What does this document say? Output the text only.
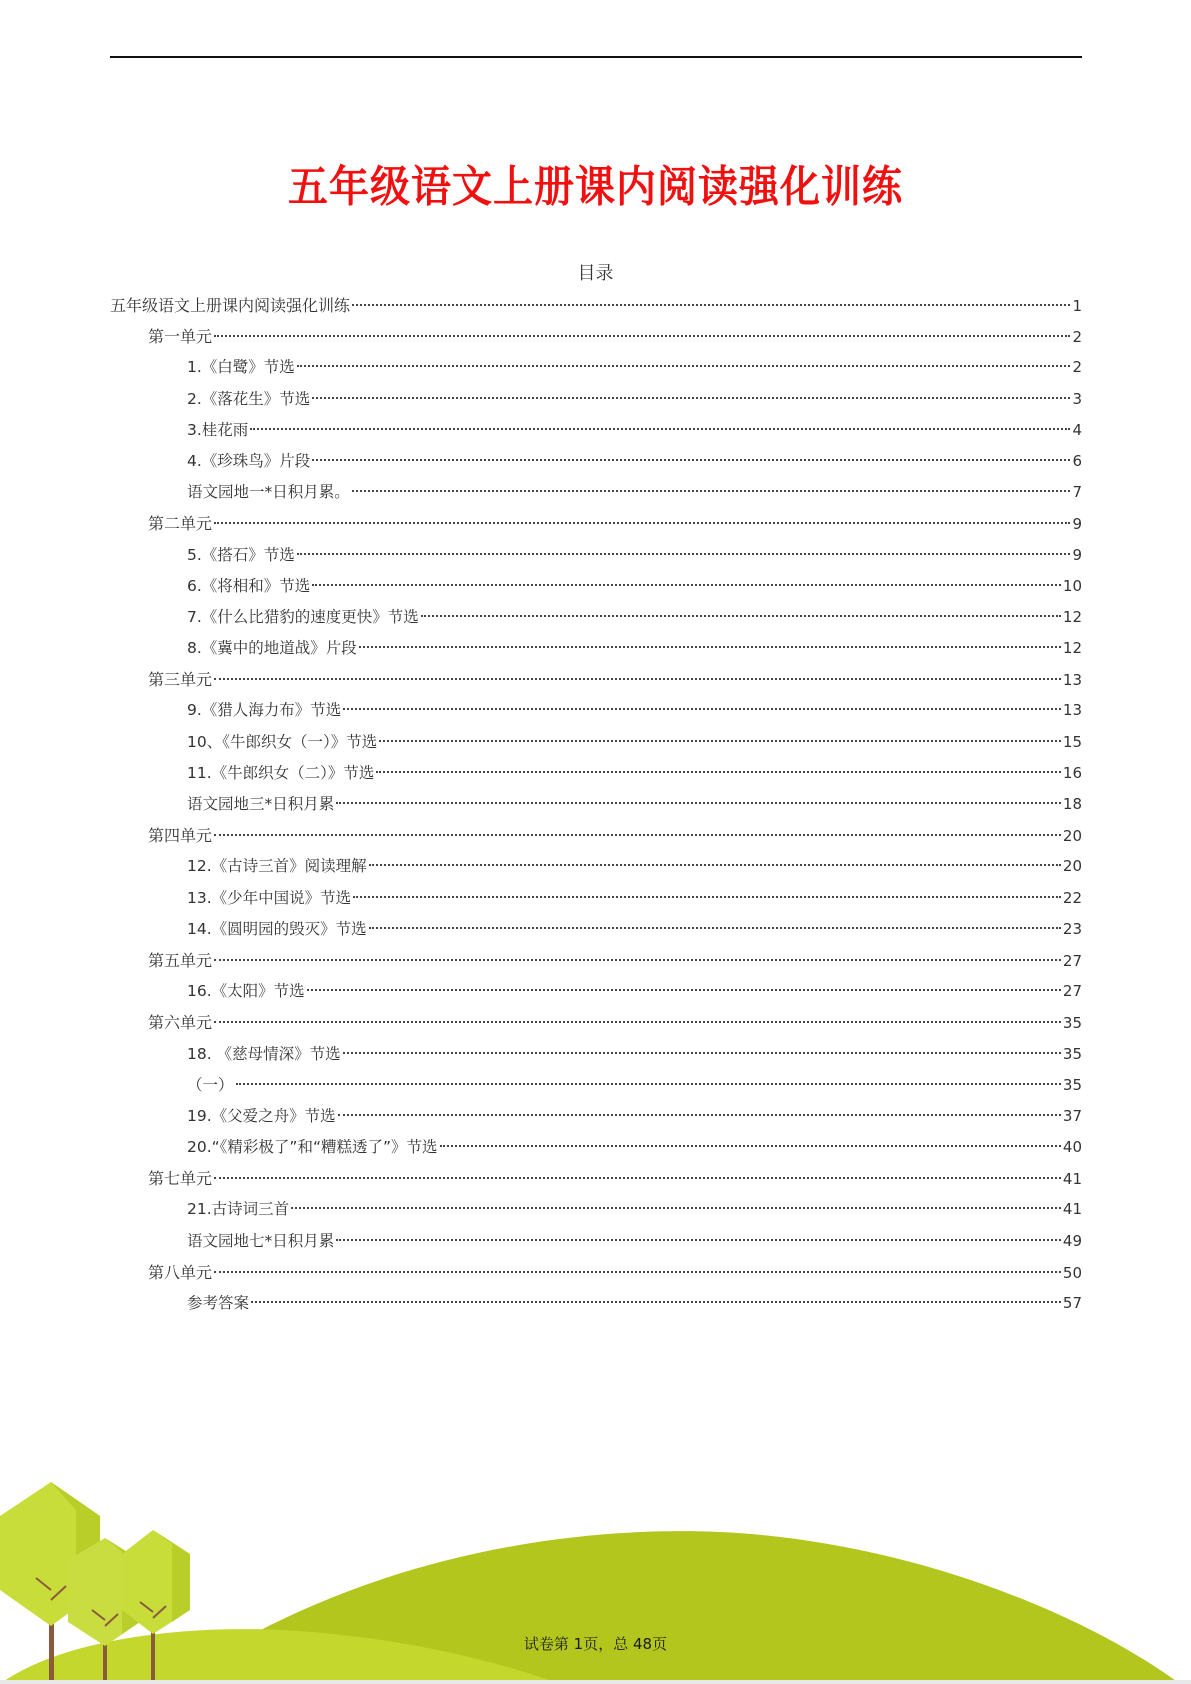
五年级语文上册课内阅读强化训练
目录
五年级语文上册课内阅读强化训练	1
第一单元	2
1.《白鹭》节选	2
2.《落花生》节选	3
3.桂花雨	4
4.《珍珠鸟》片段	6
语文园地一*日积月累。	7
第二单元	9
5.《搭石》节选	9
6.《将相和》节选	10
7.《什么比猎豹的速度更快》节选	12
8.《冀中的地道战》片段	12
第三单元	13
9.《猎人海力布》节选	13
10、《牛郎织女（一）》节选	15
11.《牛郎织女（二）》节选	16
语文园地三*日积月累	18
第四单元	20
12.《古诗三首》阅读理解	20
13.《少年中国说》节选	22
14.《圆明园的毁灭》节选	23
第五单元	27
16.《太阳》节选	27
第六单元	35
18. 《慈母情深》节选	35
（一）	35
19.《父爱之舟》节选	37
20.“《精彩极了”和“糟糕透了”》节选	40
第七单元	41
21.古诗词三首	41
语文园地七*日积月累	49
第八单元	50
参考答案	57
试卷第 1页，总 48页
